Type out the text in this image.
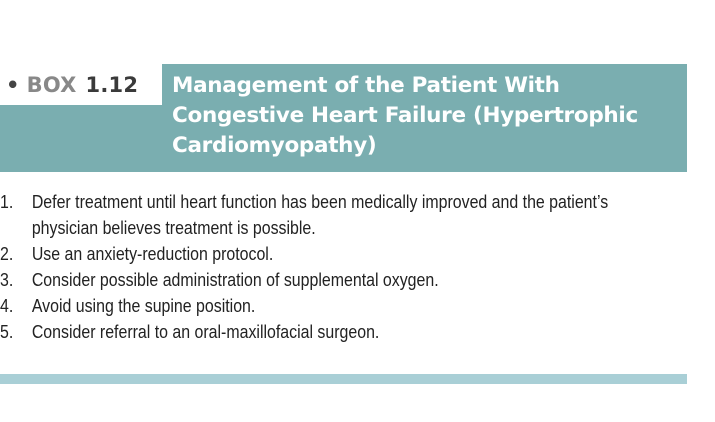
• BOX 1.12 Management of the Patient With Congestive Heart Failure (Hypertrophic Cardiomyopathy)
1. Defer treatment until heart function has been medically improved and the patient’s physician believes treatment is possible.
2. Use an anxiety-reduction protocol.
3. Consider possible administration of supplemental oxygen.
4. Avoid using the supine position.
5. Consider referral to an oral-maxillofacial surgeon.
